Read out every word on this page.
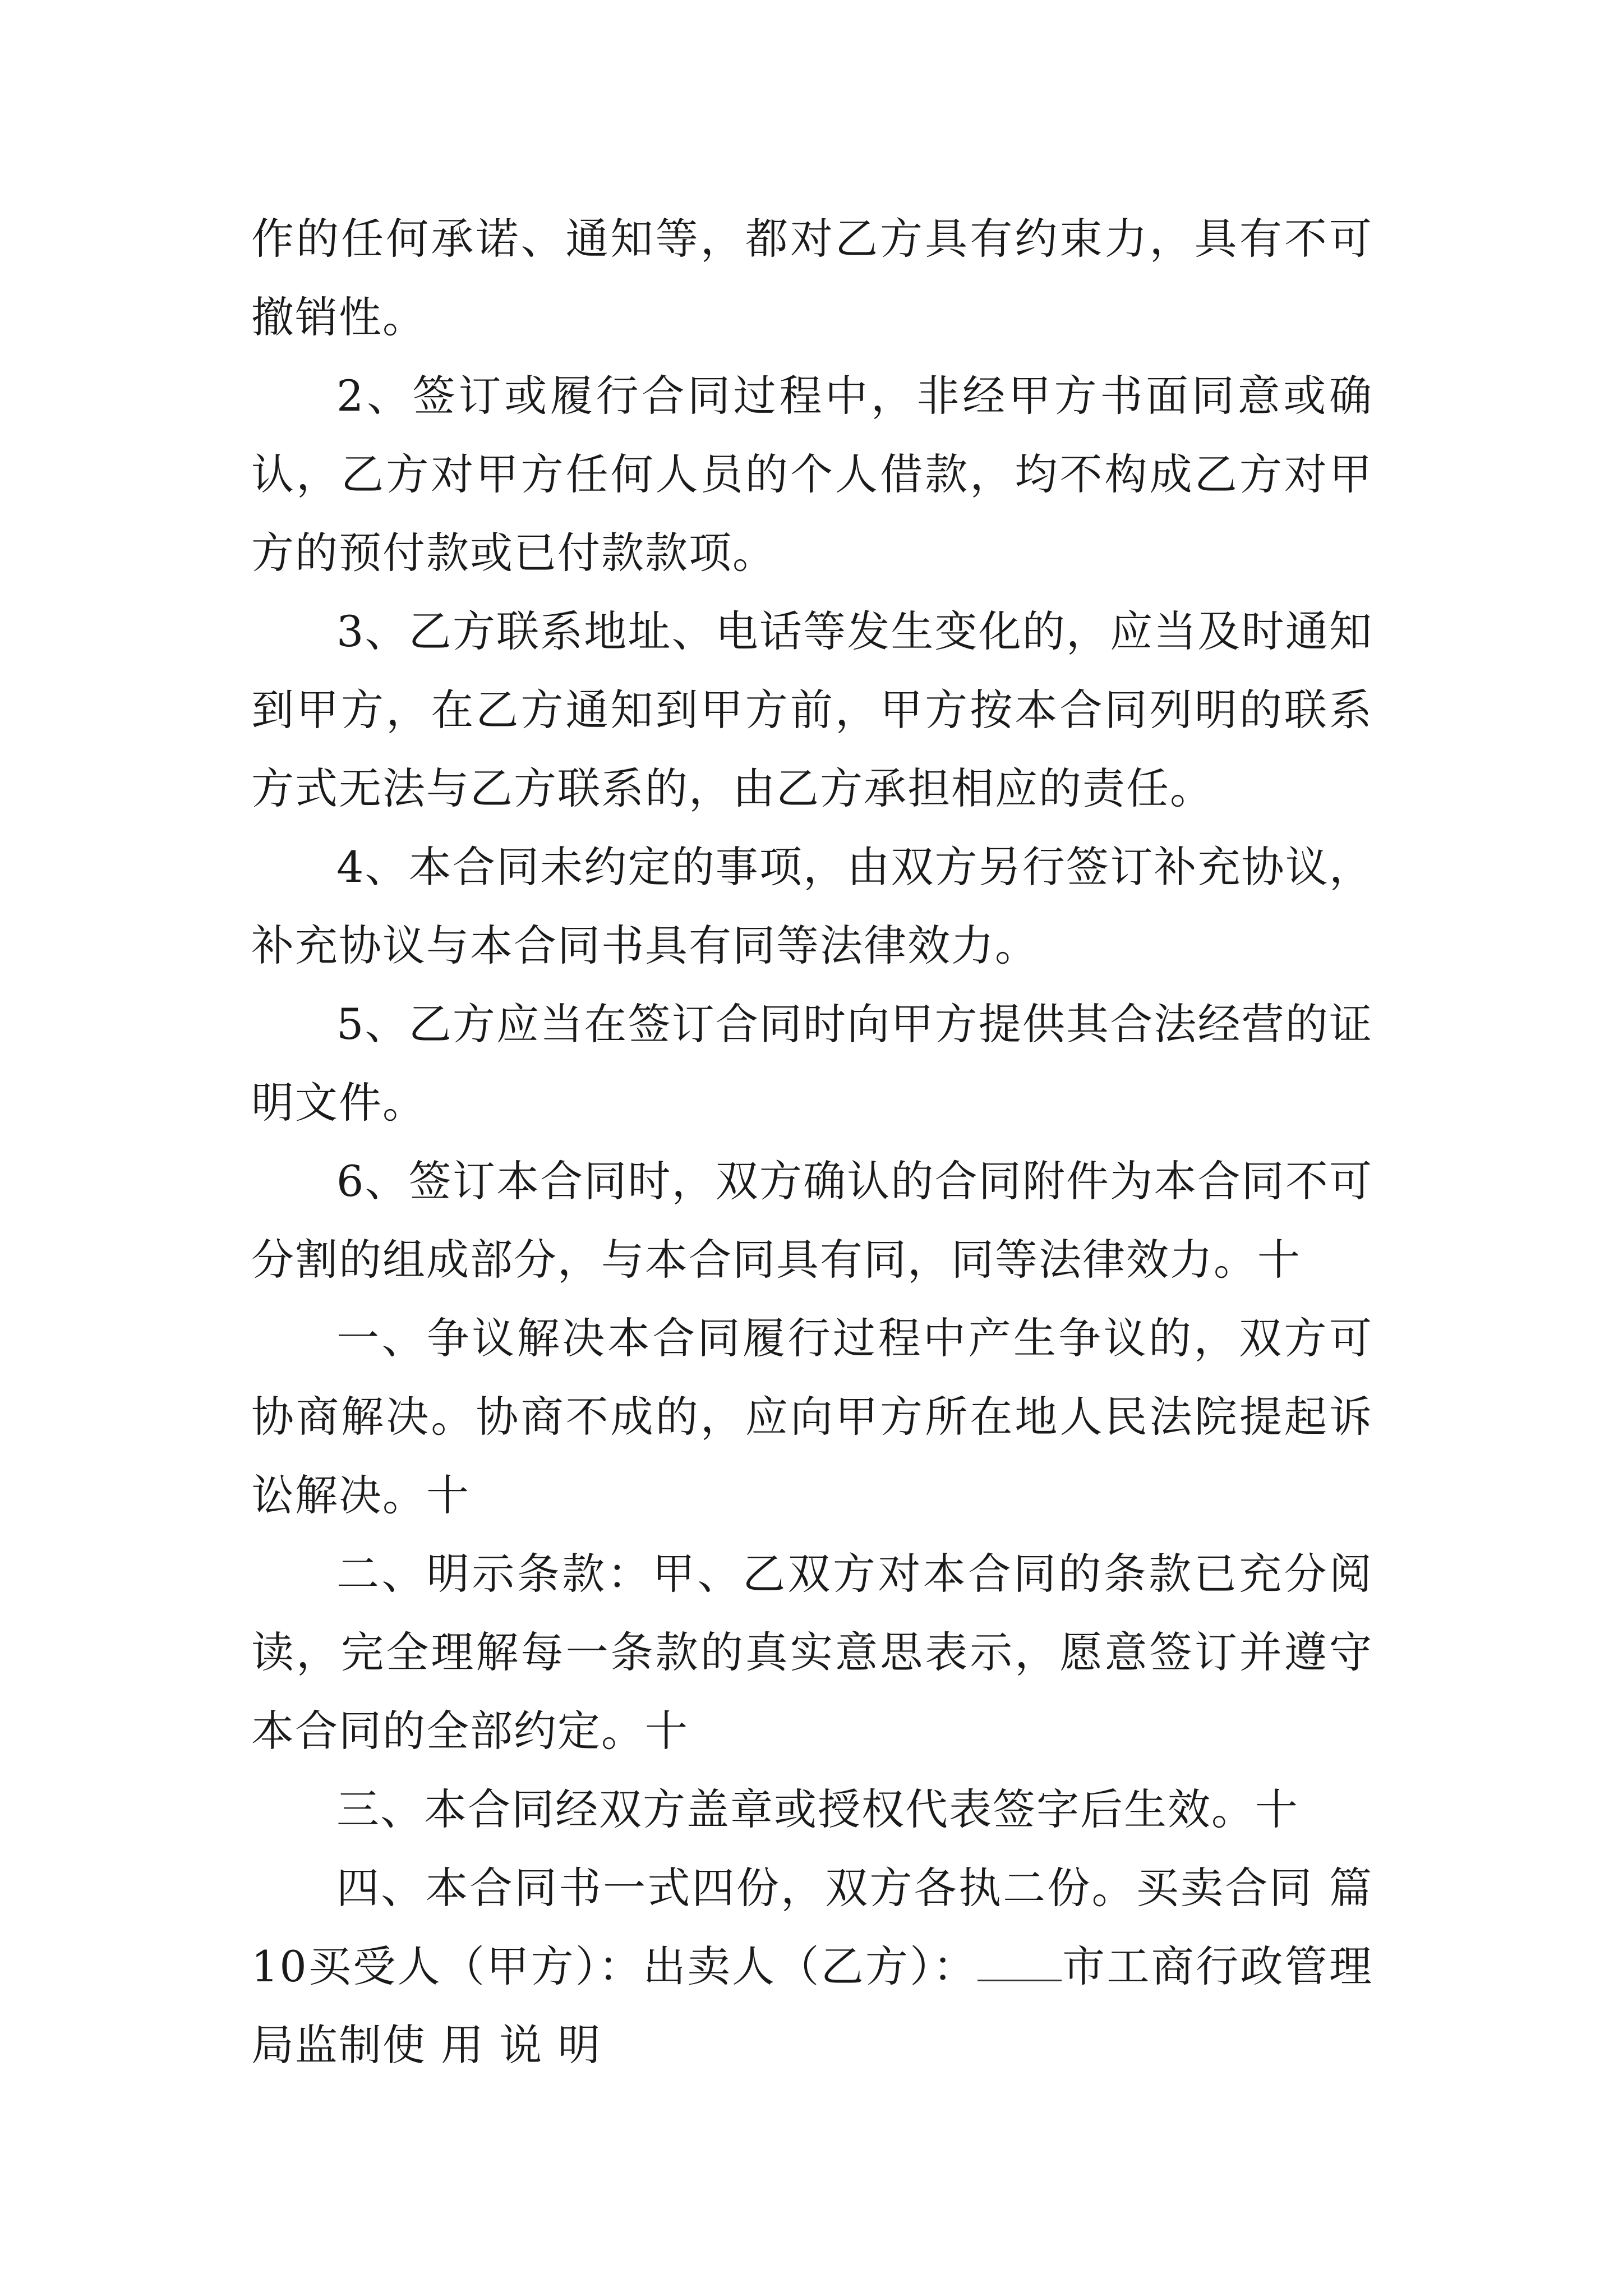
作的任何承诺、通知等，都对乙方具有约束力，具有不可撤销性。

2、签订或履行合同过程中，非经甲方书面同意或确认，乙方对甲方任何人员的个人借款，均不构成乙方对甲方的预付款或已付款款项。

3、乙方联系地址、电话等发生变化的，应当及时通知到甲方，在乙方通知到甲方前，甲方按本合同列明的联系方式无法与乙方联系的，由乙方承担相应的责任。

4、本合同未约定的事项，由双方另行签订补充协议，补充协议与本合同书具有同等法律效力。

5、乙方应当在签订合同时向甲方提供其合法经营的证明文件。

6、签订本合同时，双方确认的合同附件为本合同不可分割的组成部分，与本合同具有同，同等法律效力。十

一、争议解决本合同履行过程中产生争议的，双方可协商解决。协商不成的，应向甲方所在地人民法院提起诉讼解决。十

二、明示条款：甲、乙双方对本合同的条款已充分阅读，完全理解每一条款的真实意思表示，愿意签订并遵守本合同的全部约定。十

三、本合同经双方盖章或授权代表签字后生效。十

四、本合同书一式四份，双方各执二份。买卖合同 篇10买受人（甲方）：出卖人（乙方）： 市工商行政管理局监制使 用 说 明
